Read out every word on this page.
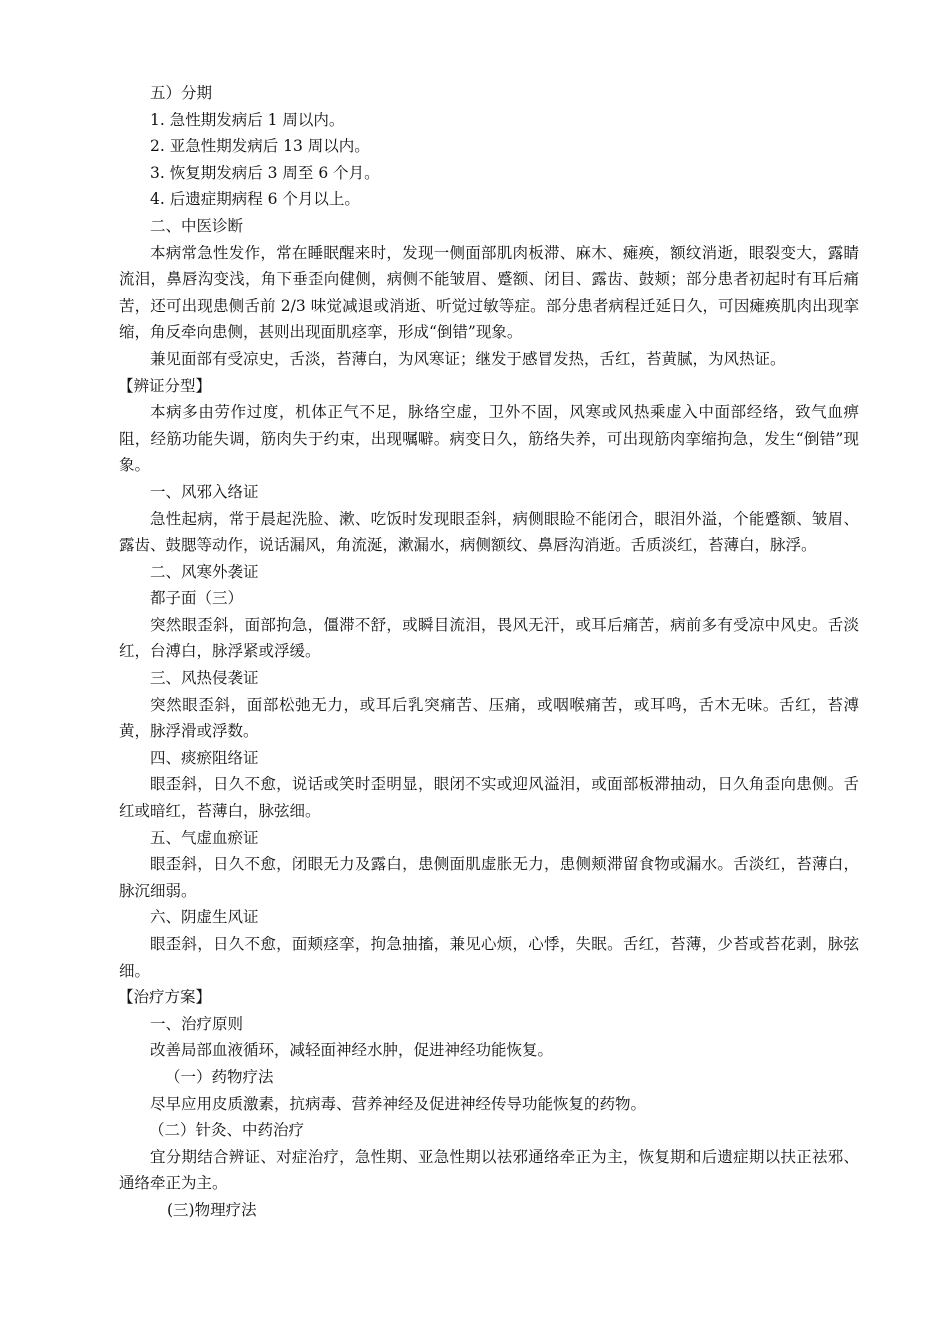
五）分期

1. 急性期发病后 1 周以内。

2. 亚急性期发病后 13 周以内。

3. 恢复期发病后 3 周至 6 个月。

4. 后遗症期病程 6 个月以上。

二、中医诊断

本病常急性发作，常在睡眠醒来时，发现一侧面部肌肉板滞、麻木、瘫痪，额纹消逝，眼裂变大，露睛流泪，鼻唇沟变浅，角下垂歪向健侧，病侧不能皱眉、蹙额、闭目、露齿、鼓颊；部分患者初起时有耳后痛苦，还可出现患侧舌前 2/3 味觉减退或消逝、听觉过敏等症。部分患者病程迁延日久，可因瘫痪肌肉出现挛缩，角反牵向患侧，甚则出现面肌痉挛，形成“倒错”现象。

兼见面部有受凉史，舌淡，苔薄白，为风寒证；继发于感冒发热，舌红，苔黄腻，为风热证。

【辨证分型】

本病多由劳作过度，机体正气不足，脉络空虚，卫外不固，风寒或风热乘虚入中面部经络，致气血痹阻，经筋功能失调，筋肉失于约束，出现嘱噼。病变日久，筋络失养，可出现筋肉挛缩拘急，发生“倒错”现象。

一、风邪入络证

急性起病，常于晨起洗脸、漱、吃饭时发现眼歪斜，病侧眼睑不能闭合，眼泪外溢，个能蹙额、皱眉、露齿、鼓腮等动作，说话漏风，角流涎，漱漏水，病侧额纹、鼻唇沟消逝。舌质淡红，苔薄白，脉浮。

二、风寒外袭证

都子面（三）

突然眼歪斜，面部拘急，僵滞不舒，或瞬目流泪，畏风无汗，或耳后痛苦，病前多有受凉中风史。舌淡红，台溥白，脉浮紧或浮缓。

三、风热侵袭证

突然眼歪斜，面部松弛无力，或耳后乳突痛苦、压痛，或咽喉痛苦，或耳鸣，舌木无味。舌红，苔溥黄，脉浮滑或浮数。

四、痰瘀阻络证

眼歪斜，日久不愈，说话或笑时歪明显，眼闭不实或迎风溢泪，或面部板滞抽动，日久角歪向患侧。舌红或暗红，苔薄白，脉弦细。

五、气虚血瘀证

眼歪斜，日久不愈，闭眼无力及露白，患侧面肌虚胀无力，患侧颊滞留食物或漏水。舌淡红，苔薄白，脉沉细弱。

六、阴虚生风证

眼歪斜，日久不愈，面颊痉挛，拘急抽搐，兼见心烦，心悸，失眠。舌红，苔薄，少苔或苔花剥，脉弦细。

【治疗方案】

一、治疗原则

改善局部血液循环，减轻面神经水肿，促进神经功能恢复。

（一）药物疗法

尽早应用皮质激素，抗病毒、营养神经及促进神经传导功能恢复的药物。

（二）针灸、中药治疗

宜分期结合辨证、对症治疗，急性期、亚急性期以祛邪通络牵正为主，恢复期和后遗症期以扶正祛邪、通络牵正为主。

(三)物理疗法
